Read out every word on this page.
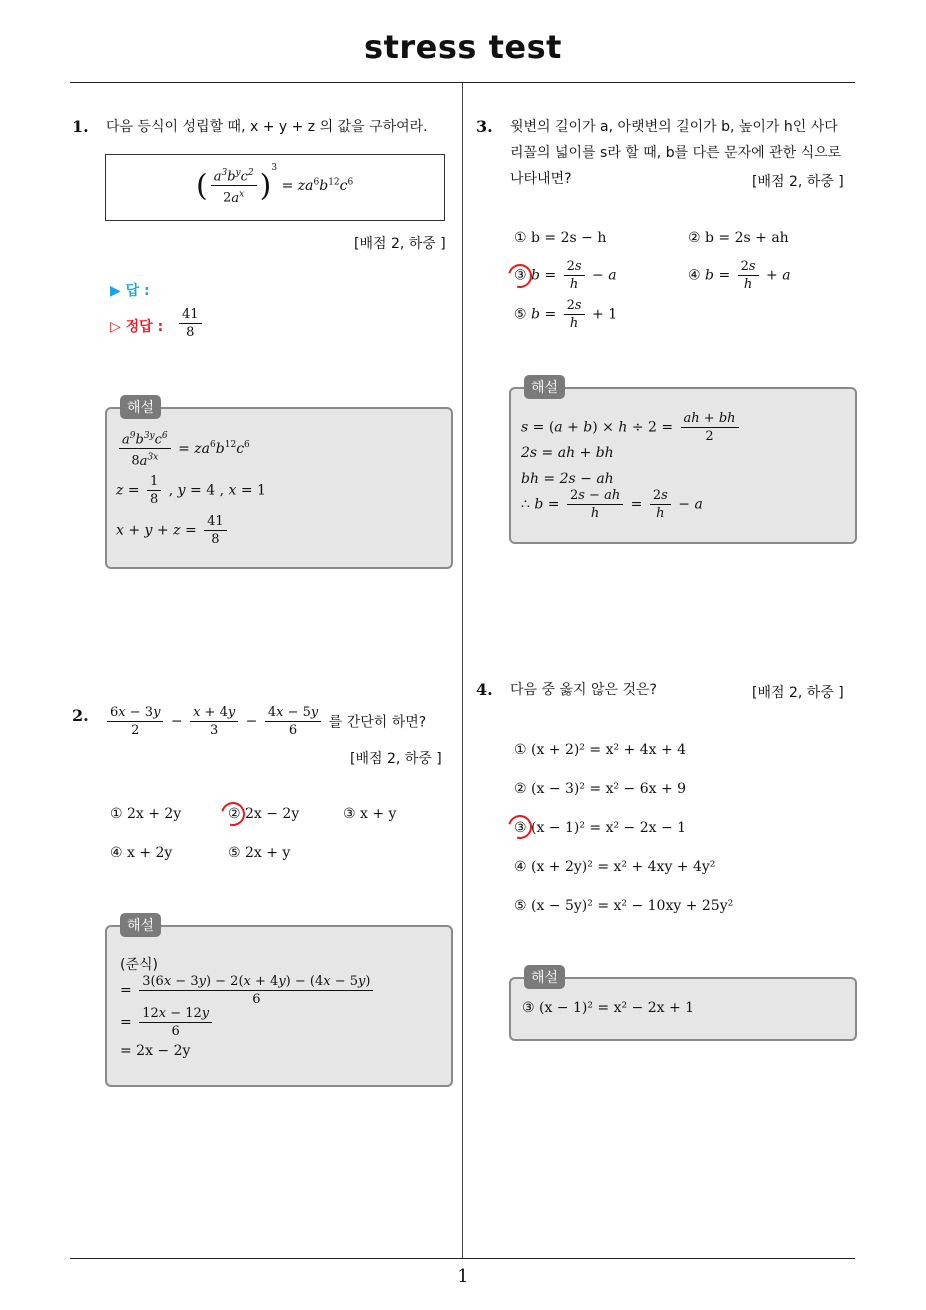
stress test
1
1. 다음 등식이 성립할 때, x + y + z 의 값을 구하여라.
( $\frac{a^3b^yc^2}{2a^x} )^3 = za^6b^{12}c^6$
[배점 2, 하중 ]
▶ 답 :
▷ 정답 : $\frac{41}{8}$
해설
$\frac{a^9b^{3y}c^6}{8a^{3x}} = za^6b^{12}c^6$
$z = \frac{1}{8}$ , y = 4 , x = 1
$x + y + z = \frac{41}{8}$
2. $\frac{6x - 3y}{2} - \frac{x + 4y}{3} - \frac{4x - 5y}{6}$ 를 간단히 하면?
[배점 2, 하중 ]
① 2x + 2y	② 2x − 2y	③ x + y
④ x + 2y	⑤ 2x + y
해설
(준식)
= $\frac{3(6x - 3y) - 2(x + 4y) - (4x - 5y)}{6}$
= $\frac{12x - 12y}{6}$
= 2x − 2y
3. 윗변의 길이가 a, 아랫변의 길이가 b, 높이가 h인 사다
리꼴의 넓이를 s라 할 때, b를 다른 문자에 관한 식으로
나타내면?	[배점 2, 하중 ]
① b = 2s − h	② b = 2s + ah
③ $b = \frac{2s}{h} - a$	④ $b = \frac{2s}{h} + a$
⑤ $b = \frac{2s}{h} + 1$
해설
$s = (a + b) \times h \div 2 = \frac{ah + bh}{2}$
2s = ah + bh
bh = 2s − ah
∴ $b = \frac{2s - ah}{h} = \frac{2s}{h} - a$
4. 다음 중 옳지 않은 것은?	[배점 2, 하중 ]
① (x + 2)² = x² + 4x + 4
② (x − 3)² = x² − 6x + 9
③ (x − 1)² = x² − 2x − 1
④ (x + 2y)² = x² + 4xy + 4y²
⑤ (x − 5y)² = x² − 10xy + 25y²
해설
③ (x − 1)² = x² − 2x + 1
